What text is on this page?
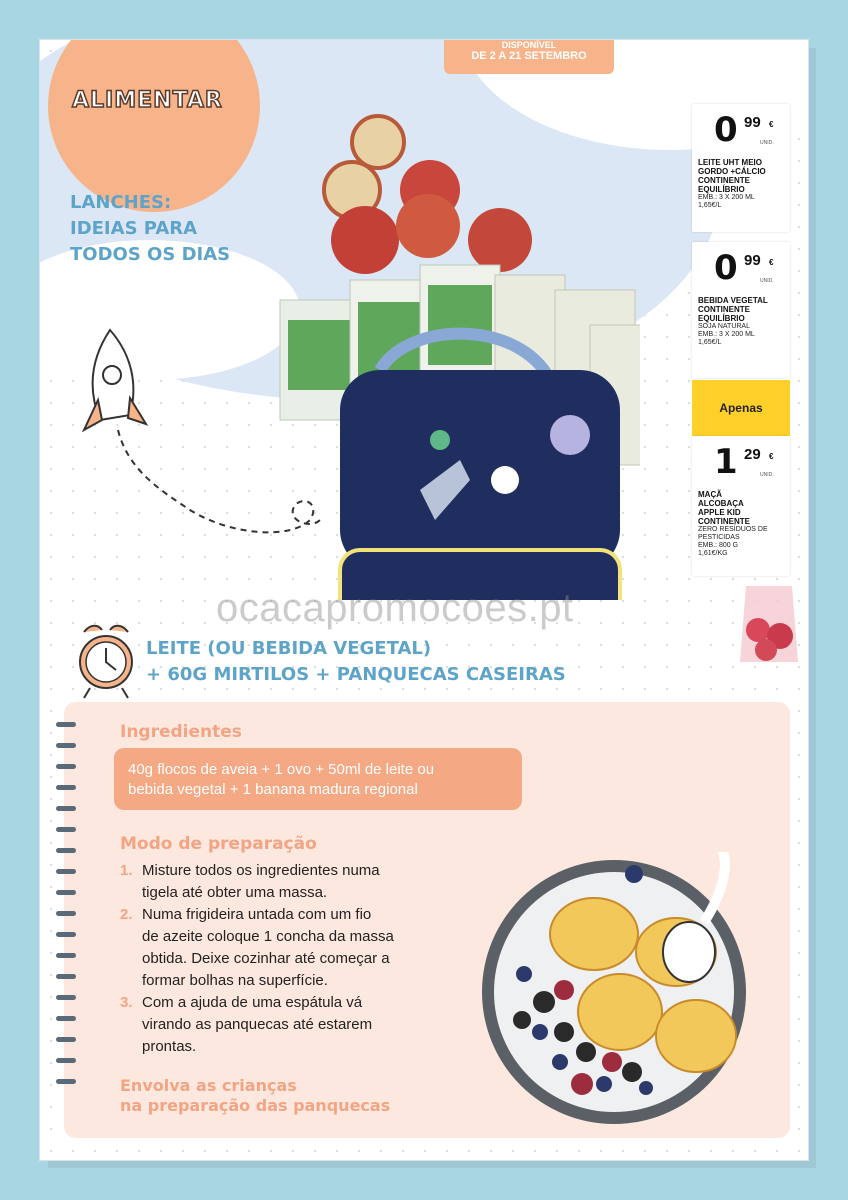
ALIMENTAR
DISPONÍVEL
DE 2 A 21 SETEMBRO
LANCHES:
IDEIAS PARA
TODOS OS DIAS
0 99 €
UNID.
LEITE UHT MEIO
GORDO +CÁLCIO
CONTINENTE
EQUILÍBRIO
EMB.: 3 X 200 ML
1,65€/L
0 99 €
UNID.
BEBIDA VEGETAL
CONTINENTE
EQUILÍBRIO
SOJA NATURAL
EMB.: 3 X 200 ML
1,65€/L
Apenas
1 29 €
UNID.
MAÇÃ
ALCOBAÇA
APPLE KID
CONTINENTE
ZERO RESÍDUOS DE
PESTICIDAS
EMB.: 800 G
1,61€/KG
ocacapromocoes.pt
LEITE (OU BEBIDA VEGETAL)
+ 60G MIRTILOS + PANQUECAS CASEIRAS
Ingredientes
40g flocos de aveia + 1 ovo + 50ml de leite ou
bebida vegetal + 1 banana madura regional
Modo de preparação
1. Misture todos os ingredientes numa
tigela até obter uma massa.
2. Numa frigideira untada com um fio
de azeite coloque 1 concha da massa
obtida. Deixe cozinhar até começar a
formar bolhas na superfície.
3. Com a ajuda de uma espátula vá
virando as panquecas até estarem
prontas.
Envolva as crianças
na preparação das panquecas
